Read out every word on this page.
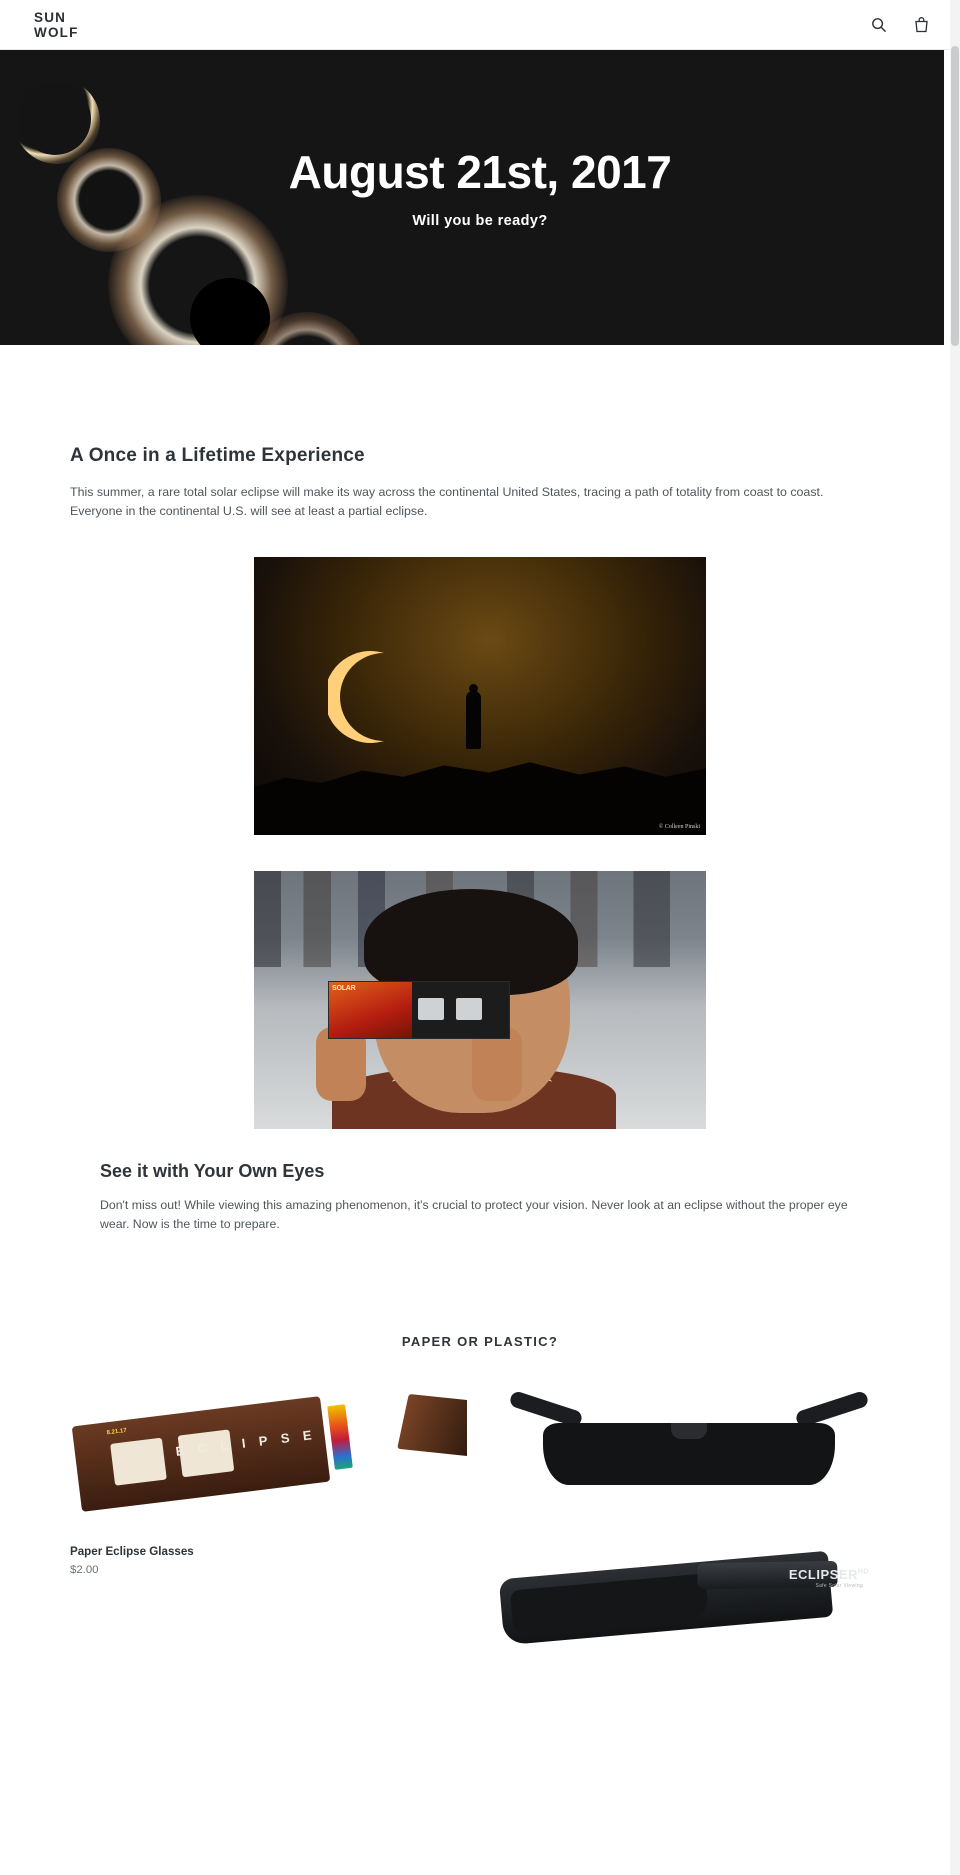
SUN
WOLF
August 21st, 2017
Will you be ready?
A Once in a Lifetime Experience

This summer, a rare total solar eclipse will make its way across the continental United States, tracing a path of totality from coast to coast. Everyone in the continental U.S. will see at least a partial eclipse.

© Colleen Pinski
SOLAR
See it with Your Own Eyes

Don't miss out! While viewing this amazing phenomenon, it's crucial to protect your vision. Never look at an eclipse without the proper eye wear. Now is the time to prepare.

PAPER OR PLASTIC?
8.21.17	E C L I P S E
Paper Eclipse Glasses
$2.00	$ECLIPSER^{HD}$
Safe Solar Viewing
